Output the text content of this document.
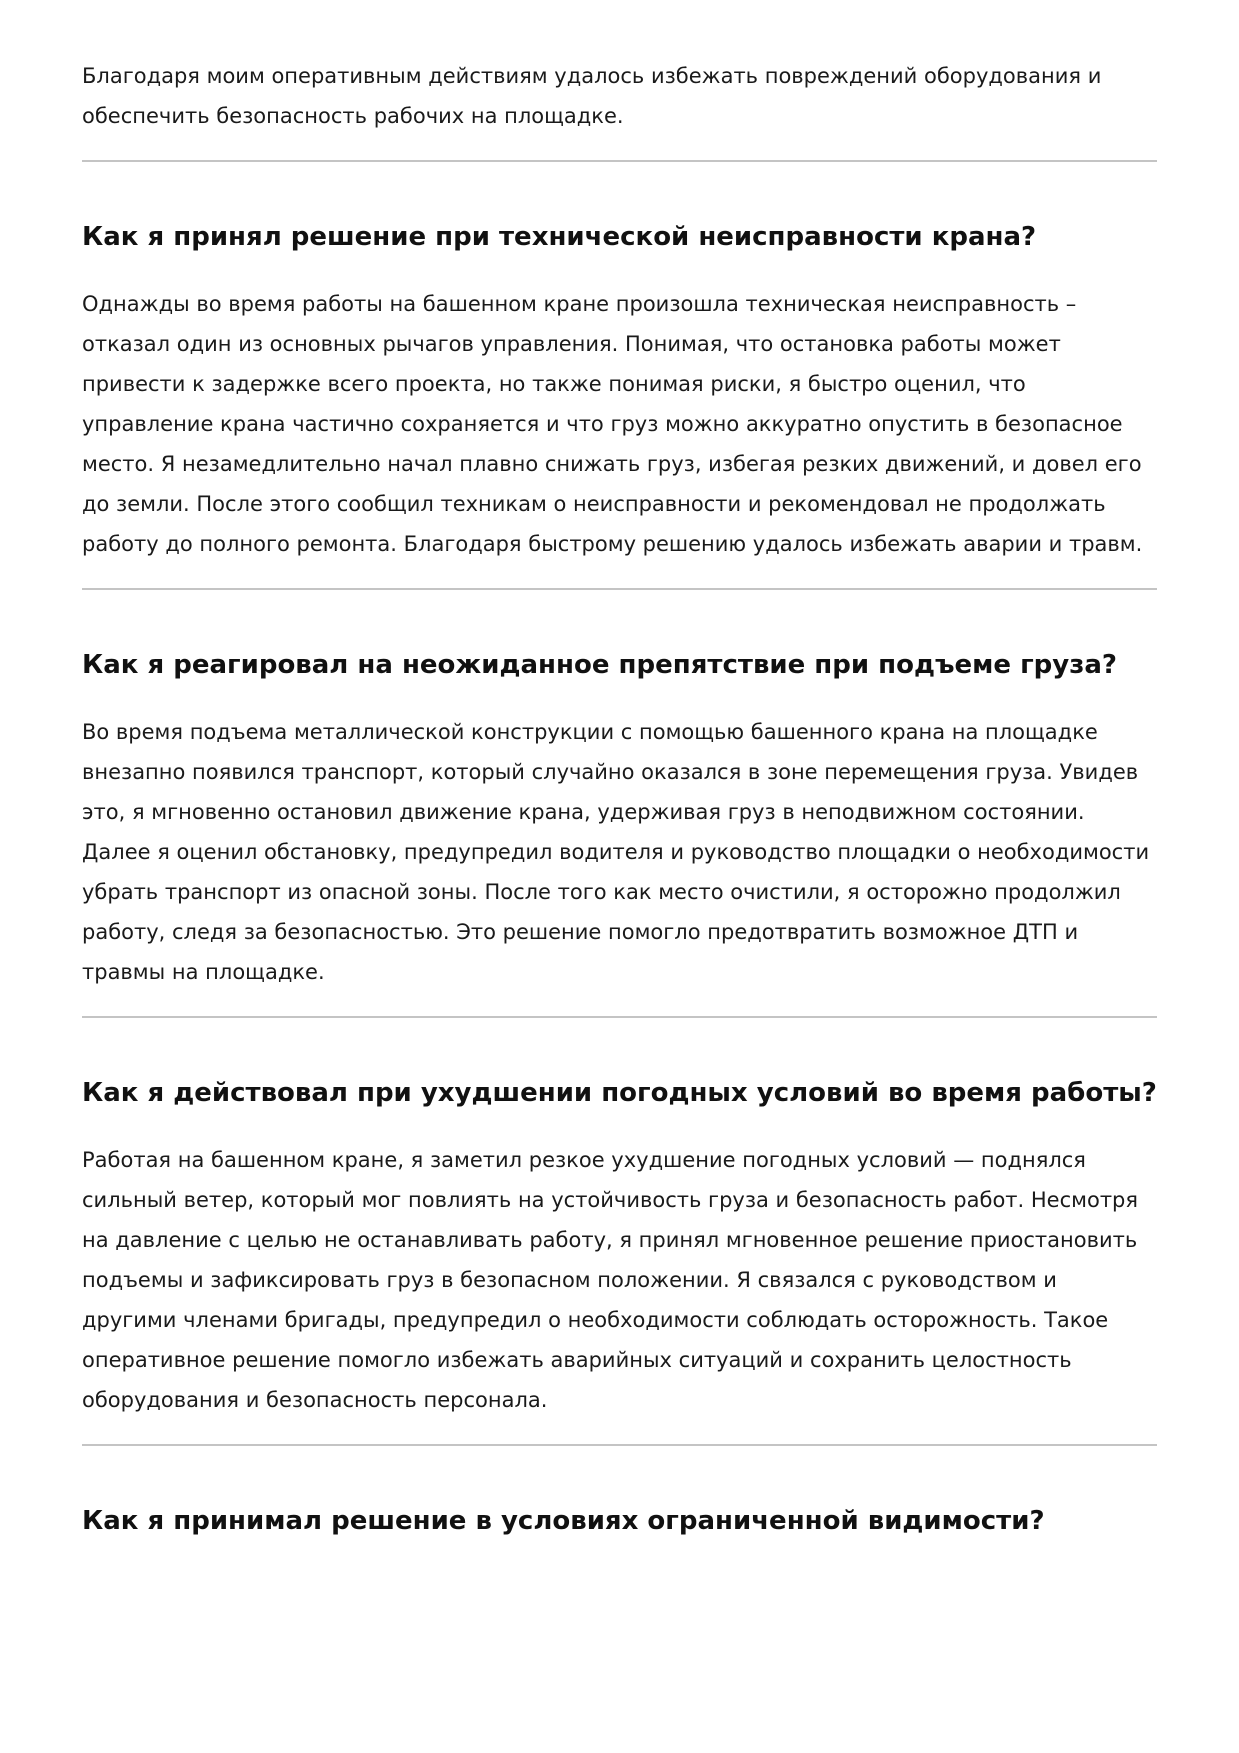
Благодаря моим оперативным действиям удалось избежать повреждений оборудования и обеспечить безопасность рабочих на площадке.

Как я принял решение при технической неисправности крана?

Однажды во время работы на башенном кране произошла техническая неисправность – отказал один из основных рычагов управления. Понимая, что остановка работы может привести к задержке всего проекта, но также понимая риски, я быстро оценил, что управление крана частично сохраняется и что груз можно аккуратно опустить в безопасное место. Я незамедлительно начал плавно снижать груз, избегая резких движений, и довел его до земли. После этого сообщил техникам о неисправности и рекомендовал не продолжать работу до полного ремонта. Благодаря быстрому решению удалось избежать аварии и травм.

Как я реагировал на неожиданное препятствие при подъеме груза?

Во время подъема металлической конструкции с помощью башенного крана на площадке внезапно появился транспорт, который случайно оказался в зоне перемещения груза. Увидев это, я мгновенно остановил движение крана, удерживая груз в неподвижном состоянии. Далее я оценил обстановку, предупредил водителя и руководство площадки о необходимости убрать транспорт из опасной зоны. После того как место очистили, я осторожно продолжил работу, следя за безопасностью. Это решение помогло предотвратить возможное ДТП и травмы на площадке.

Как я действовал при ухудшении погодных условий во время работы?

Работая на башенном кране, я заметил резкое ухудшение погодных условий — поднялся сильный ветер, который мог повлиять на устойчивость груза и безопасность работ. Несмотря на давление с целью не останавливать работу, я принял мгновенное решение приостановить подъемы и зафиксировать груз в безопасном положении. Я связался с руководством и другими членами бригады, предупредил о необходимости соблюдать осторожность. Такое оперативное решение помогло избежать аварийных ситуаций и сохранить целостность оборудования и безопасность персонала.

Как я принимал решение в условиях ограниченной видимости?
